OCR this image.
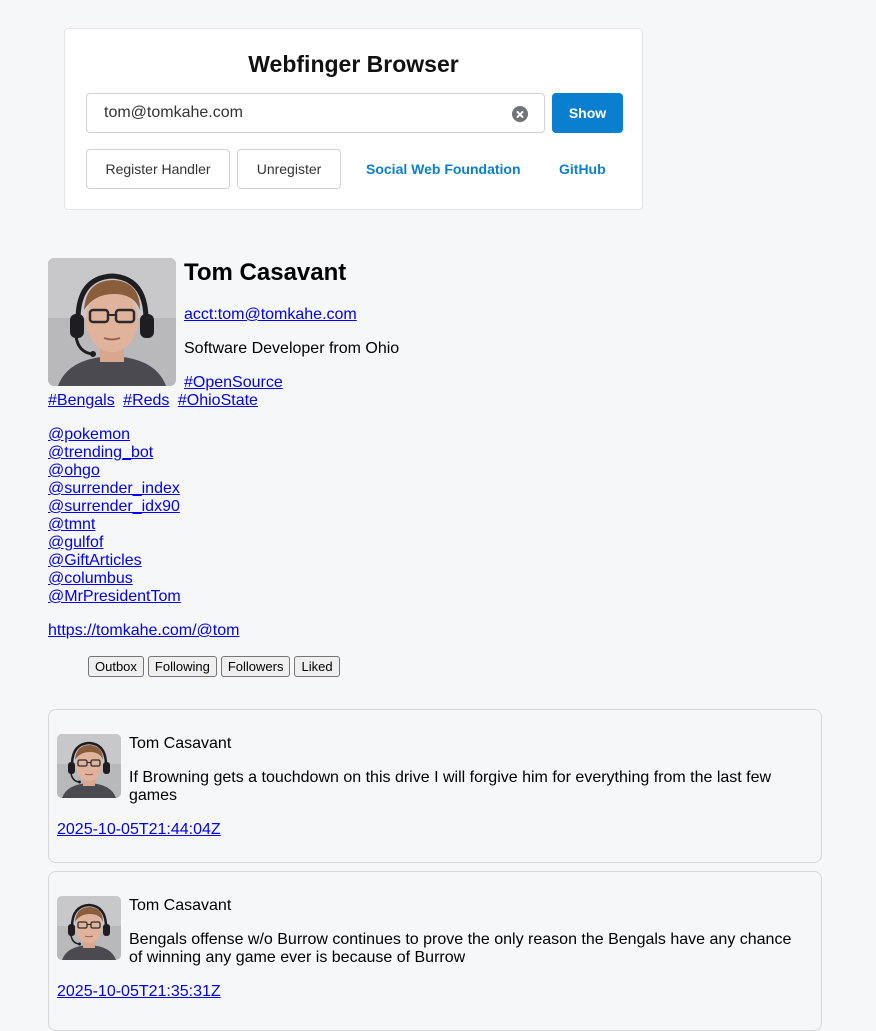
Webfinger Browser
tom@tomkahe.com
Show
Register Handler	Unregister	Social Web Foundation	GitHub
Tom Casavant
acct:tom@tomkahe.com
Software Developer from Ohio
#OpenSource
#Bengals #Reds #OhioState
@pokemon
@trending_bot
@ohgo
@surrender_index
@surrender_idx90
@tmnt
@gulfof
@GiftArticles
@columbus
@MrPresidentTom
https://tomkahe.com/@tom
Outbox	Following	Followers	Liked
Tom Casavant
If Browning gets a touchdown on this drive I will forgive him for everything from the last few games
2025-10-05T21:44:04Z
Tom Casavant
Bengals offense w/o Burrow continues to prove the only reason the Bengals have any chance of winning any game ever is because of Burrow
2025-10-05T21:35:31Z
